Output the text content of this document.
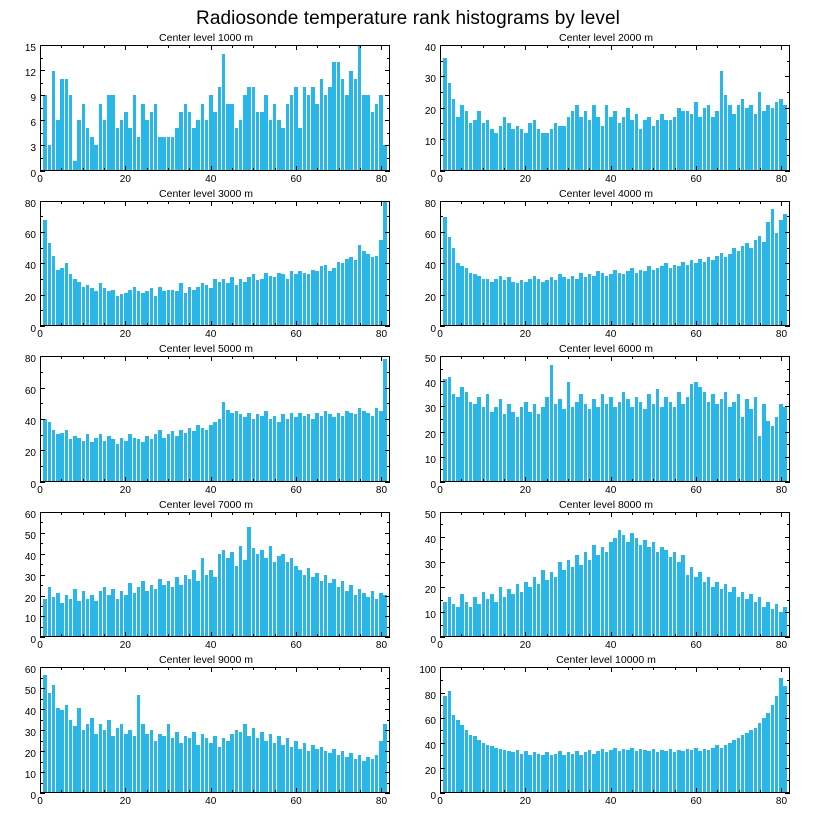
Radiosonde temperature rank histograms by level
Center level 1000 m
0
3
6
9
12
15
0	20	40	60	80
Center level 2000 m
0
10
20
30
40
0	20	40	60	80
Center level 3000 m
0
20
40
60
80
0	20	40	60	80
Center level 4000 m
0
20
40
60
80
0	20	40	60	80
Center level 5000 m
0
20
40
60
80
0	20	40	60	80
Center level 6000 m
0
10
20
30
40
50
0	20	40	60	80
Center level 7000 m
0
10
20
30
40
50
60
0	20	40	60	80
Center level 8000 m
0
10
20
30
40
50
0	20	40	60	80
Center level 9000 m
0
10
20
30
40
50
60
0	20	40	60	80
Center level 10000 m
0
20
40
60
80
100
0	20	40	60	80
